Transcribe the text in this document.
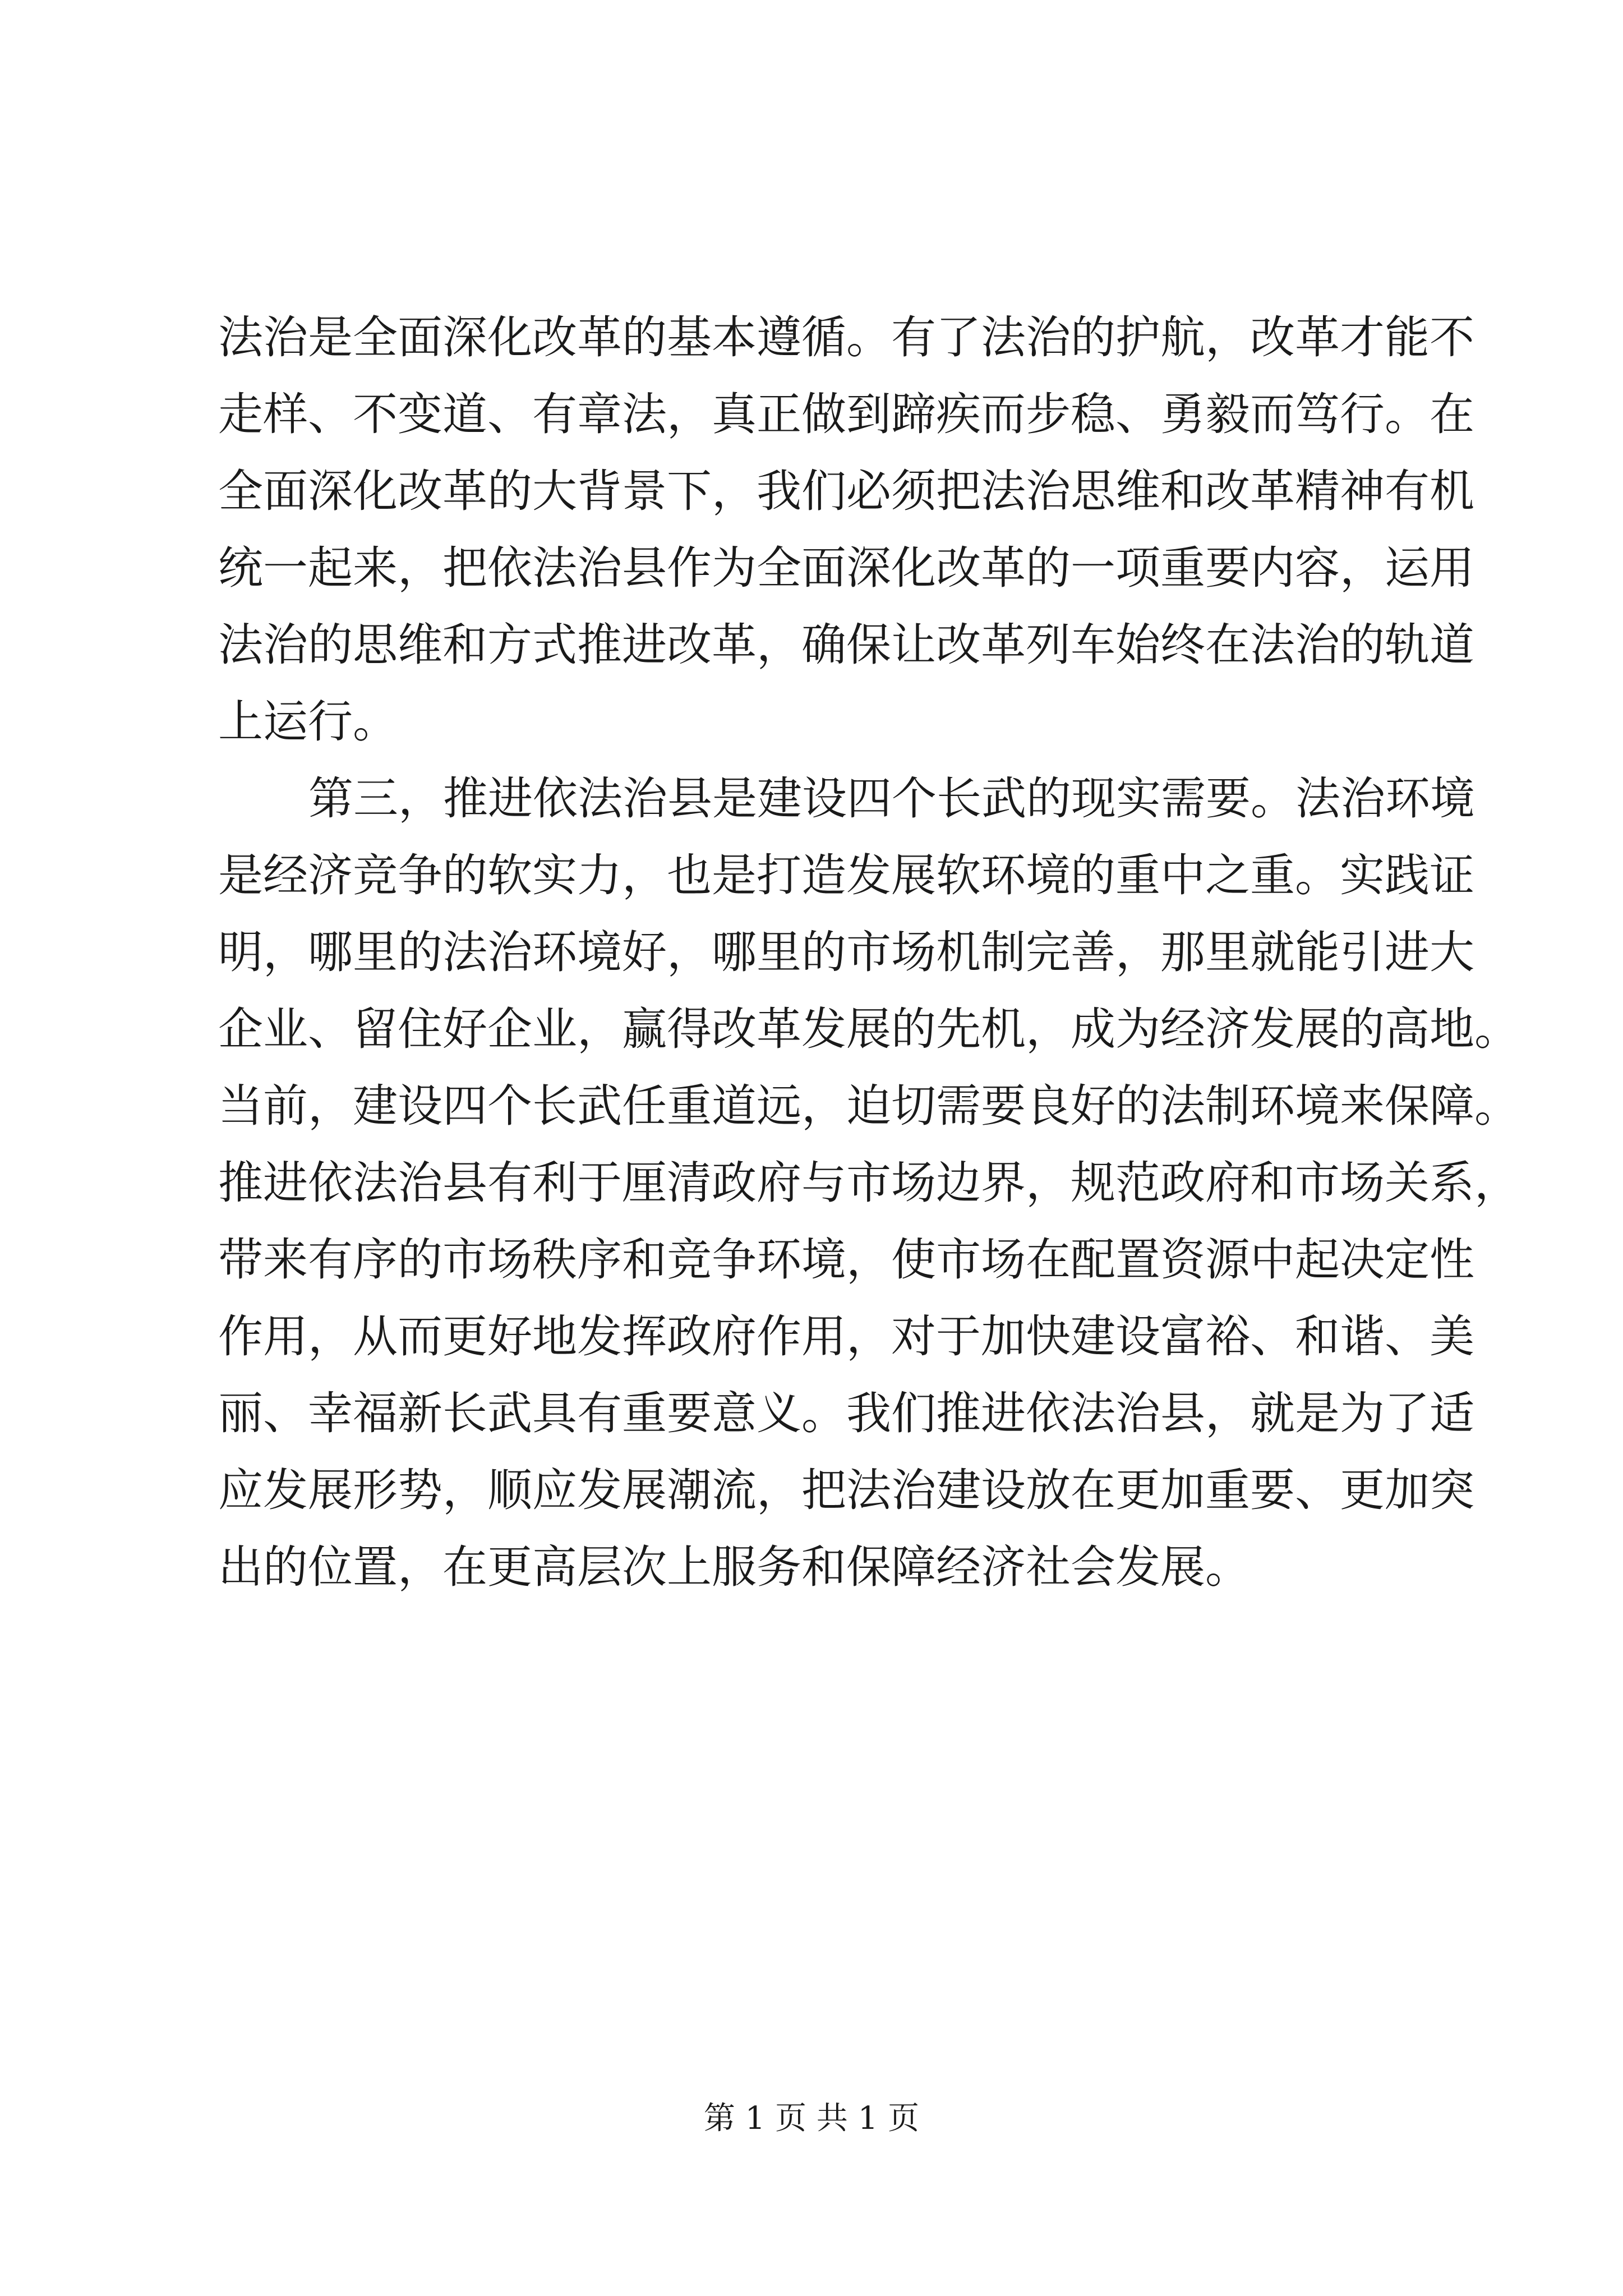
法治是全面深化改革的基本遵循。有了法治的护航，改革才能不
走样、不变道、有章法，真正做到蹄疾而步稳、勇毅而笃行。在
全面深化改革的大背景下，我们必须把法治思维和改革精神有机
统一起来，把依法治县作为全面深化改革的一项重要内容，运用
法治的思维和方式推进改革，确保让改革列车始终在法治的轨道
上运行。
第三，推进依法治县是建设四个长武的现实需要。法治环境
是经济竞争的软实力，也是打造发展软环境的重中之重。实践证
明，哪里的法治环境好，哪里的市场机制完善，那里就能引进大
企业、留住好企业，赢得改革发展的先机，成为经济发展的高地。
当前，建设四个长武任重道远，迫切需要良好的法制环境来保障。
推进依法治县有利于厘清政府与市场边界，规范政府和市场关系，
带来有序的市场秩序和竞争环境，使市场在配置资源中起决定性
作用，从而更好地发挥政府作用，对于加快建设富裕、和谐、美
丽、幸福新长武具有重要意义。我们推进依法治县，就是为了适
应发展形势，顺应发展潮流，把法治建设放在更加重要、更加突
出的位置，在更高层次上服务和保障经济社会发展。
第 1 页 共 1 页
